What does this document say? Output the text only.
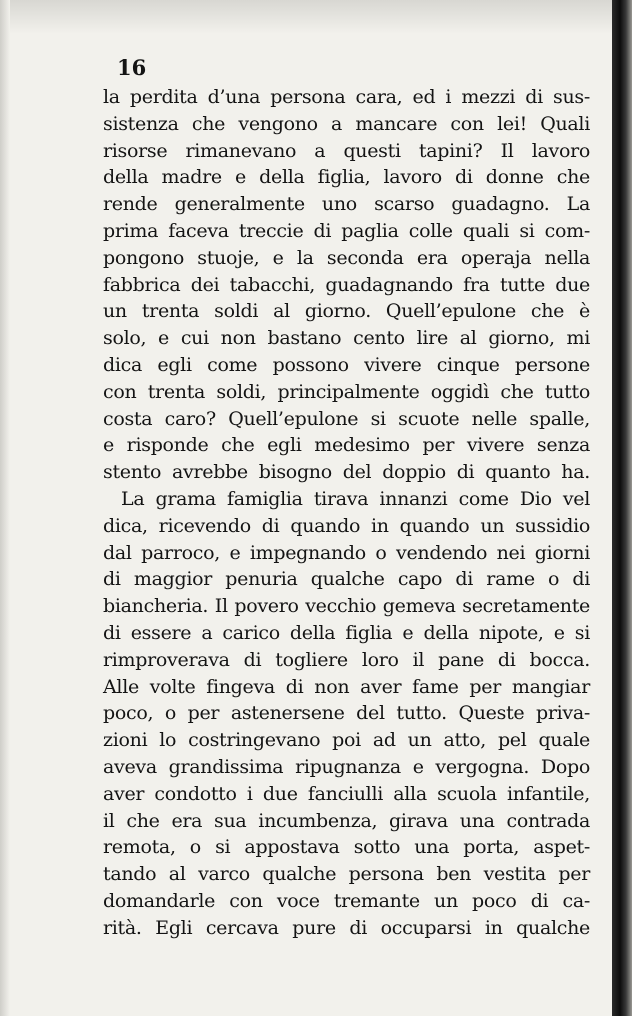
16
la perdita d’una persona cara, ed i mezzi di sus-
sistenza che vengono a mancare con lei! Quali
risorse rimanevano a questi tapini? Il lavoro
della madre e della figlia, lavoro di donne che
rende generalmente uno scarso guadagno. La
prima faceva treccie di paglia colle quali si com-
pongono stuoje, e la seconda era operaja nella
fabbrica dei tabacchi, guadagnando fra tutte due
un trenta soldi al giorno. Quell’epulone che è
solo, e cui non bastano cento lire al giorno, mi
dica egli come possono vivere cinque persone
con trenta soldi, principalmente oggidì che tutto
costa caro? Quell’epulone si scuote nelle spalle,
e risponde che egli medesimo per vivere senza
stento avrebbe bisogno del doppio di quanto ha.
La grama famiglia tirava innanzi come Dio vel
dica, ricevendo di quando in quando un sussidio
dal parroco, e impegnando o vendendo nei giorni
di maggior penuria qualche capo di rame o di
biancheria. Il povero vecchio gemeva secretamente
di essere a carico della figlia e della nipote, e si
rimproverava di togliere loro il pane di bocca.
Alle volte fingeva di non aver fame per mangiar
poco, o per astenersene del tutto. Queste priva-
zioni lo costringevano poi ad un atto, pel quale
aveva grandissima ripugnanza e vergogna. Dopo
aver condotto i due fanciulli alla scuola infantile,
il che era sua incumbenza, girava una contrada
remota, o si appostava sotto una porta, aspet-
tando al varco qualche persona ben vestita per
domandarle con voce tremante un poco di ca-
rità. Egli cercava pure di occuparsi in qualche
